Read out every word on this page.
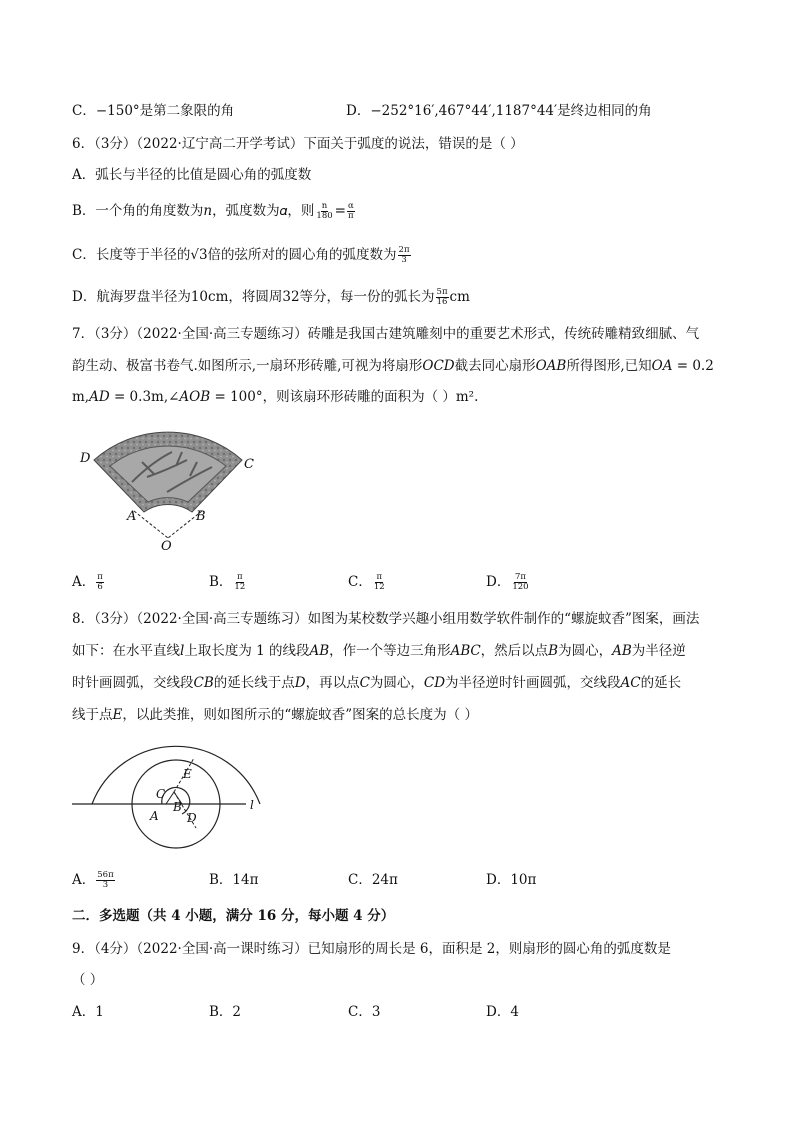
C．−150°是第二象限的角	D．−252°16′,467°44′,1187°44′是终边相同的角
6．（3分）（2022·辽宁高二开学考试）下面关于弧度的说法，错误的是（ ）
A．弧长与半径的比值是圆心角的弧度数
B．一个角的角度数为𝑛，弧度数为𝛼，则 $\frac{n}{180} = \frac{\alpha}{\pi}$
C．长度等于半径的√3倍的弦所对的圆心角的弧度数为 $\frac{2\pi}{3}$
D．航海罗盘半径为10cm，将圆周32等分，每一份的弧长为 $\frac{5\pi}{16}$ cm
7．（3分）（2022·全国·高三专题练习）砖雕是我国古建筑雕刻中的重要艺术形式，传统砖雕精致细腻、气
韵生动、极富书卷气.如图所示,一扇环形砖雕,可视为将扇形𝑂𝐶𝐷截去同心扇形𝑂𝐴𝐵所得图形,已知𝑂𝐴 = 0.2
m,𝐴𝐷 = 0.3m,∠𝐴𝑂𝐵 = 100°，则该扇环形砖雕的面积为（ ）m².
D	C
A	B
O
A． $\frac{\pi}{6}$	B． $\frac{\pi}{12}$	C． $\frac{\pi}{12}$	D． $\frac{7\pi}{120}$
8．（3分）（2022·全国·高三专题练习）如图为某校数学兴趣小组用数学软件制作的“螺旋蚊香”图案，画法
如下：在水平直线𝑙上取长度为 1 的线段𝐴𝐵，作一个等边三角形𝐴𝐵𝐶，然后以点𝐵为圆心，𝐴𝐵为半径逆
时针画圆弧，交线段𝐶𝐵的延长线于点𝐷，再以点𝐶为圆心，𝐶𝐷为半径逆时针画圆弧，交线段𝐴𝐶的延长
线于点𝐸，以此类推，则如图所示的“螺旋蚊香”图案的总长度为（ ）
E
C
B
A D
l
A． $\frac{56\pi}{3}$	B．14π	C．24π	D．10π
二．多选题（共 4 小题，满分 16 分，每小题 4 分）
9．（4分）（2022·全国·高一课时练习）已知扇形的周长是 6，面积是 2，则扇形的圆心角的弧度数是
（ ）
A．1	B．2	C．3	D．4
